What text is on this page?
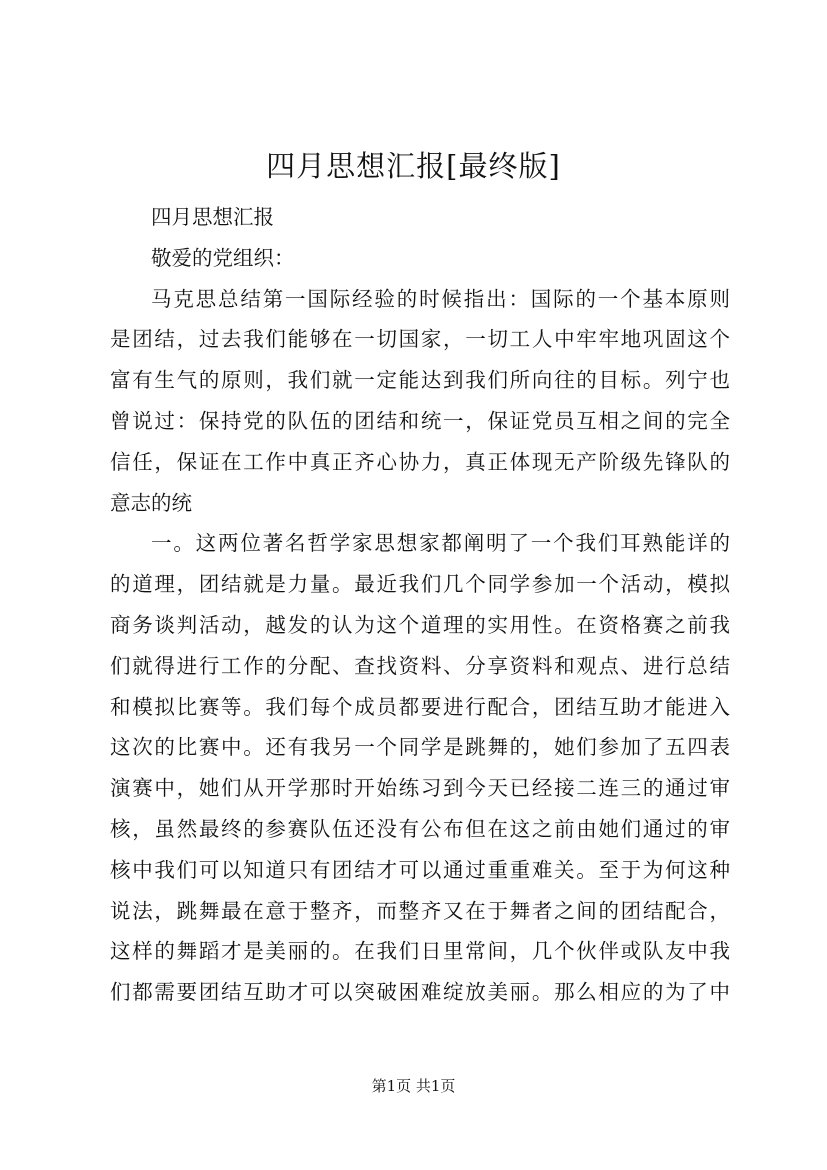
四月思想汇报[最终版]
四月思想汇报
敬爱的党组织：
马克思总结第一国际经验的时候指出：国际的一个基本原则
是团结，过去我们能够在一切国家，一切工人中牢牢地巩固这个
富有生气的原则，我们就一定能达到我们所向往的目标。列宁也
曾说过：保持党的队伍的团结和统一，保证党员互相之间的完全
信任，保证在工作中真正齐心协力，真正体现无产阶级先锋队的
意志的统
一。这两位著名哲学家思想家都阐明了一个我们耳熟能详的
的道理，团结就是力量。最近我们几个同学参加一个活动，模拟
商务谈判活动，越发的认为这个道理的实用性。在资格赛之前我
们就得进行工作的分配、查找资料、分享资料和观点、进行总结
和模拟比赛等。我们每个成员都要进行配合，团结互助才能进入
这次的比赛中。还有我另一个同学是跳舞的，她们参加了五四表
演赛中，她们从开学那时开始练习到今天已经接二连三的通过审
核，虽然最终的参赛队伍还没有公布但在这之前由她们通过的审
核中我们可以知道只有团结才可以通过重重难关。至于为何这种
说法，跳舞最在意于整齐，而整齐又在于舞者之间的团结配合，
这样的舞蹈才是美丽的。在我们日里常间，几个伙伴或队友中我
们都需要团结互助才可以突破困难绽放美丽。那么相应的为了中
第1页 共1页
